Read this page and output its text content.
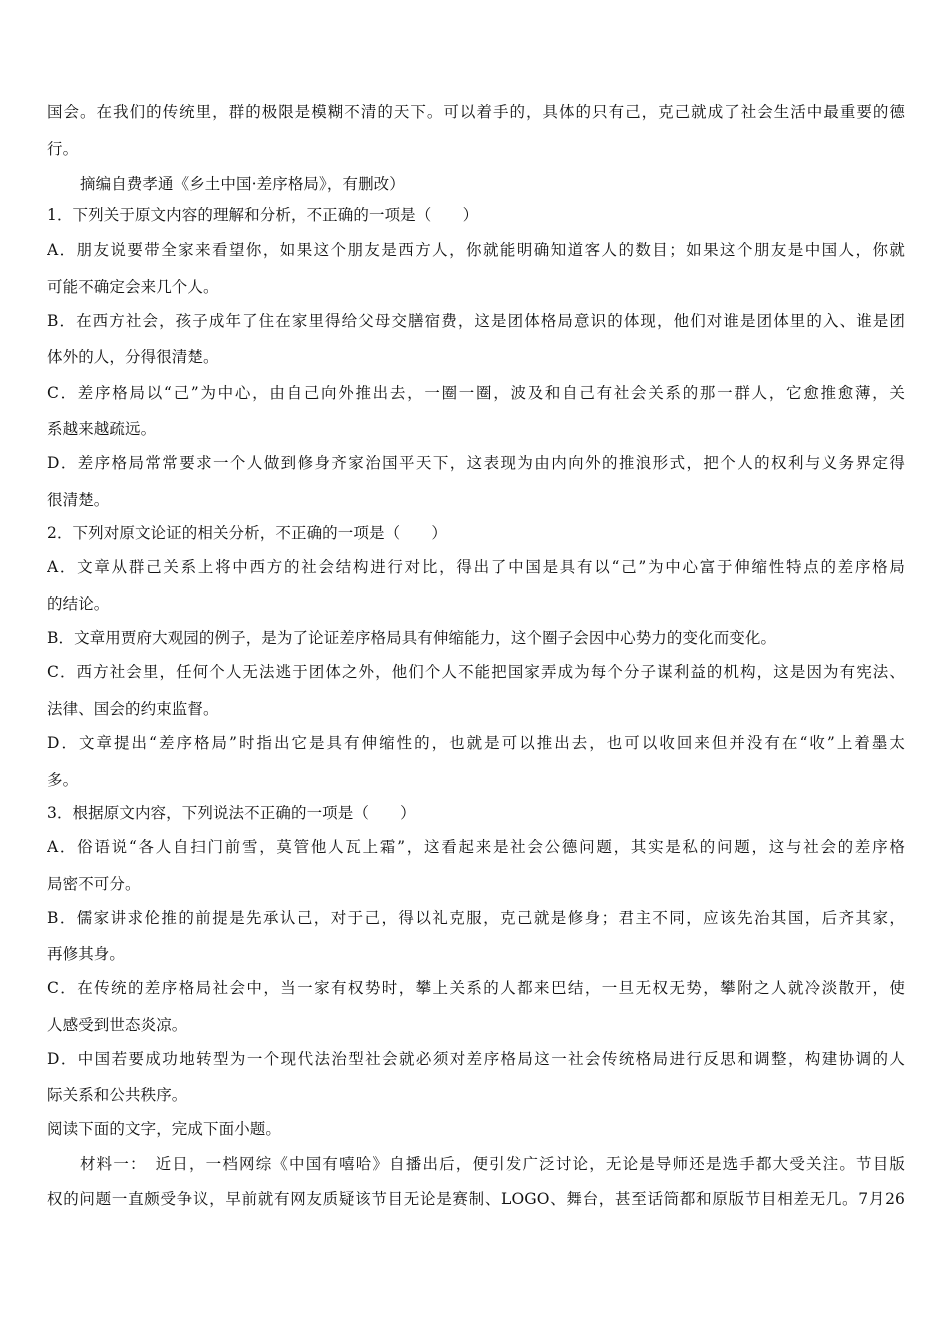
国会。在我们的传统里，群的极限是模糊不清的天下。可以着手的，具体的只有己，克己就成了社会生活中最重要的德
行。
摘编自费孝通《乡土中国·差序格局》，有删改）
1．下列关于原文内容的理解和分析，不正确的一项是（　　）
A．朋友说要带全家来看望你，如果这个朋友是西方人，你就能明确知道客人的数目；如果这个朋友是中国人，你就
可能不确定会来几个人。
B．在西方社会，孩子成年了住在家里得给父母交膳宿费，这是团体格局意识的体现，他们对谁是团体里的入、谁是团
体外的人，分得很清楚。
C．差序格局以“己”为中心，由自己向外推出去，一圈一圈，波及和自己有社会关系的那一群人，它愈推愈薄，关
系越来越疏远。
D．差序格局常常要求一个人做到修身齐家治国平天下，这表现为由内向外的推浪形式，把个人的权利与义务界定得
很清楚。
2．下列对原文论证的相关分析，不正确的一项是（　　）
A．文章从群己关系上将中西方的社会结构进行对比，得出了中国是具有以“己”为中心富于伸缩性特点的差序格局
的结论。
B．文章用贾府大观园的例子，是为了论证差序格局具有伸缩能力，这个圈子会因中心势力的变化而变化。
C．西方社会里，任何个人无法逃于团体之外，他们个人不能把国家弄成为每个分子谋利益的机构，这是因为有宪法、
法律、国会的约束监督。
D．文章提出“差序格局”时指出它是具有伸缩性的，也就是可以推出去，也可以收回来但并没有在“收”上着墨太
多。
3．根据原文内容，下列说法不正确的一项是（　　）
A．俗语说“各人自扫门前雪，莫管他人瓦上霜”，这看起来是社会公德问题，其实是私的问题，这与社会的差序格
局密不可分。
B．儒家讲求伦推的前提是先承认己，对于己，得以礼克服，克己就是修身；君主不同，应该先治其国，后齐其家，
再修其身。
C．在传统的差序格局社会中，当一家有权势时，攀上关系的人都来巴结，一旦无权无势，攀附之人就冷淡散开，使
人感受到世态炎凉。
D．中国若要成功地转型为一个现代法治型社会就必须对差序格局这一社会传统格局进行反思和调整，构建协调的人
际关系和公共秩序。
阅读下面的文字，完成下面小题。
材料一：　近日，一档网综《中国有嘻哈》自播出后，便引发广泛讨论，无论是导师还是选手都大受关注。节目版
权的问题一直颇受争议，早前就有网友质疑该节目无论是赛制、LOGO、舞台，甚至话筒都和原版节目相差无几。7月26
